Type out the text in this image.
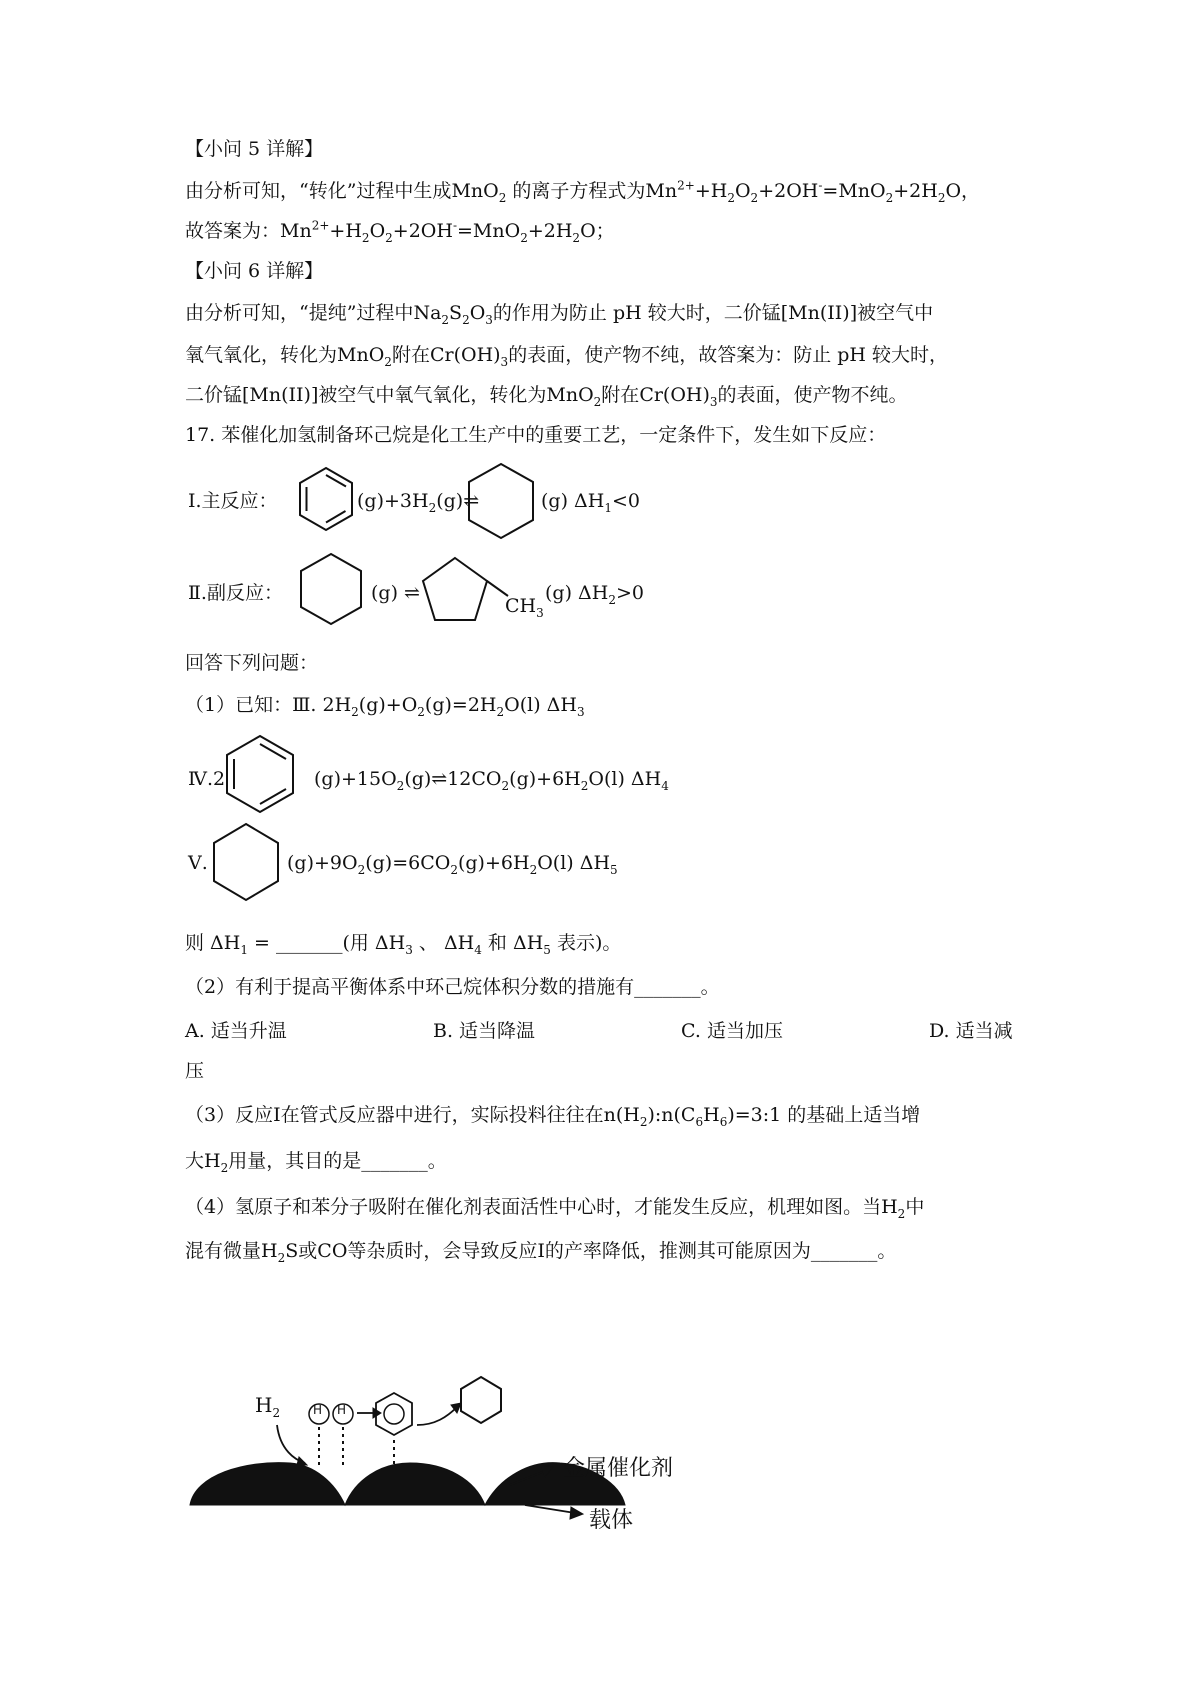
【小问 5 详解】
由分析可知，“转化”过程中生成MnO$_2$ 的离子方程式为$Mn^{2+}+H_2O_2+2OH^-=MnO_2+2H_2O$，
故答案为：$Mn^{2+}+H_2O_2+2OH^-=MnO_2+2H_2O$；
【小问 6 详解】
由分析可知，“提纯”过程中$Na_2S_2O_3$的作用为防止 pH 较大时，二价锰[Mn(II)]被空气中
氧气氧化，转化为MnO$_2$附在$Cr(OH)_3$的表面，使产物不纯，故答案为：防止 pH 较大时，
二价锰[Mn(II)]被空气中氧气氧化，转化为MnO$_2$附在$Cr(OH)_3$的表面，使产物不纯。
17. 苯催化加氢制备环己烷是化工生产中的重要工艺，一定条件下，发生如下反应：
Ⅰ.主反应：	$(g)+3H_2(g)\rightleftharpoons$	(g) $\Delta H_1<0$
Ⅱ.副反应：	(g) ⇌
$CH_3$
(g) $\Delta H_2>0$
回答下列问题：
（1）已知：Ⅲ. $2H_2(g)+O_2(g)=2H_2O(l)$ $\Delta H_3$
Ⅳ.2	$(g)+15O_2(g)\rightleftharpoons 12CO_2(g)+6H_2O(l)$ $\Delta H_4$
Ⅴ.	$(g)+9O_2(g)=6CO_2(g)+6H_2O(l)$ $\Delta H_5$
则 $\Delta H_1$ = _______(用 $\Delta H_3$ 、 $\Delta H_4$ 和 $\Delta H_5$ 表示)。
（2）有利于提高平衡体系中环己烷体积分数的措施有_______。
A. 适当升温	B. 适当降温	C. 适当加压	D. 适当减
压
（3）反应Ⅰ在管式反应器中进行，实际投料往往在$n(H_2):n(C_6H_6)=3:1$ 的基础上适当增
大$H_2$用量，其目的是_______。
（4）氢原子和苯分子吸附在催化剂表面活性中心时，才能发生反应，机理如图。当$H_2$中
混有微量$H_2S$或CO等杂质时，会导致反应Ⅰ的产率降低，推测其可能原因为_______。
$H_2$	H H
金属催化剂
载体
